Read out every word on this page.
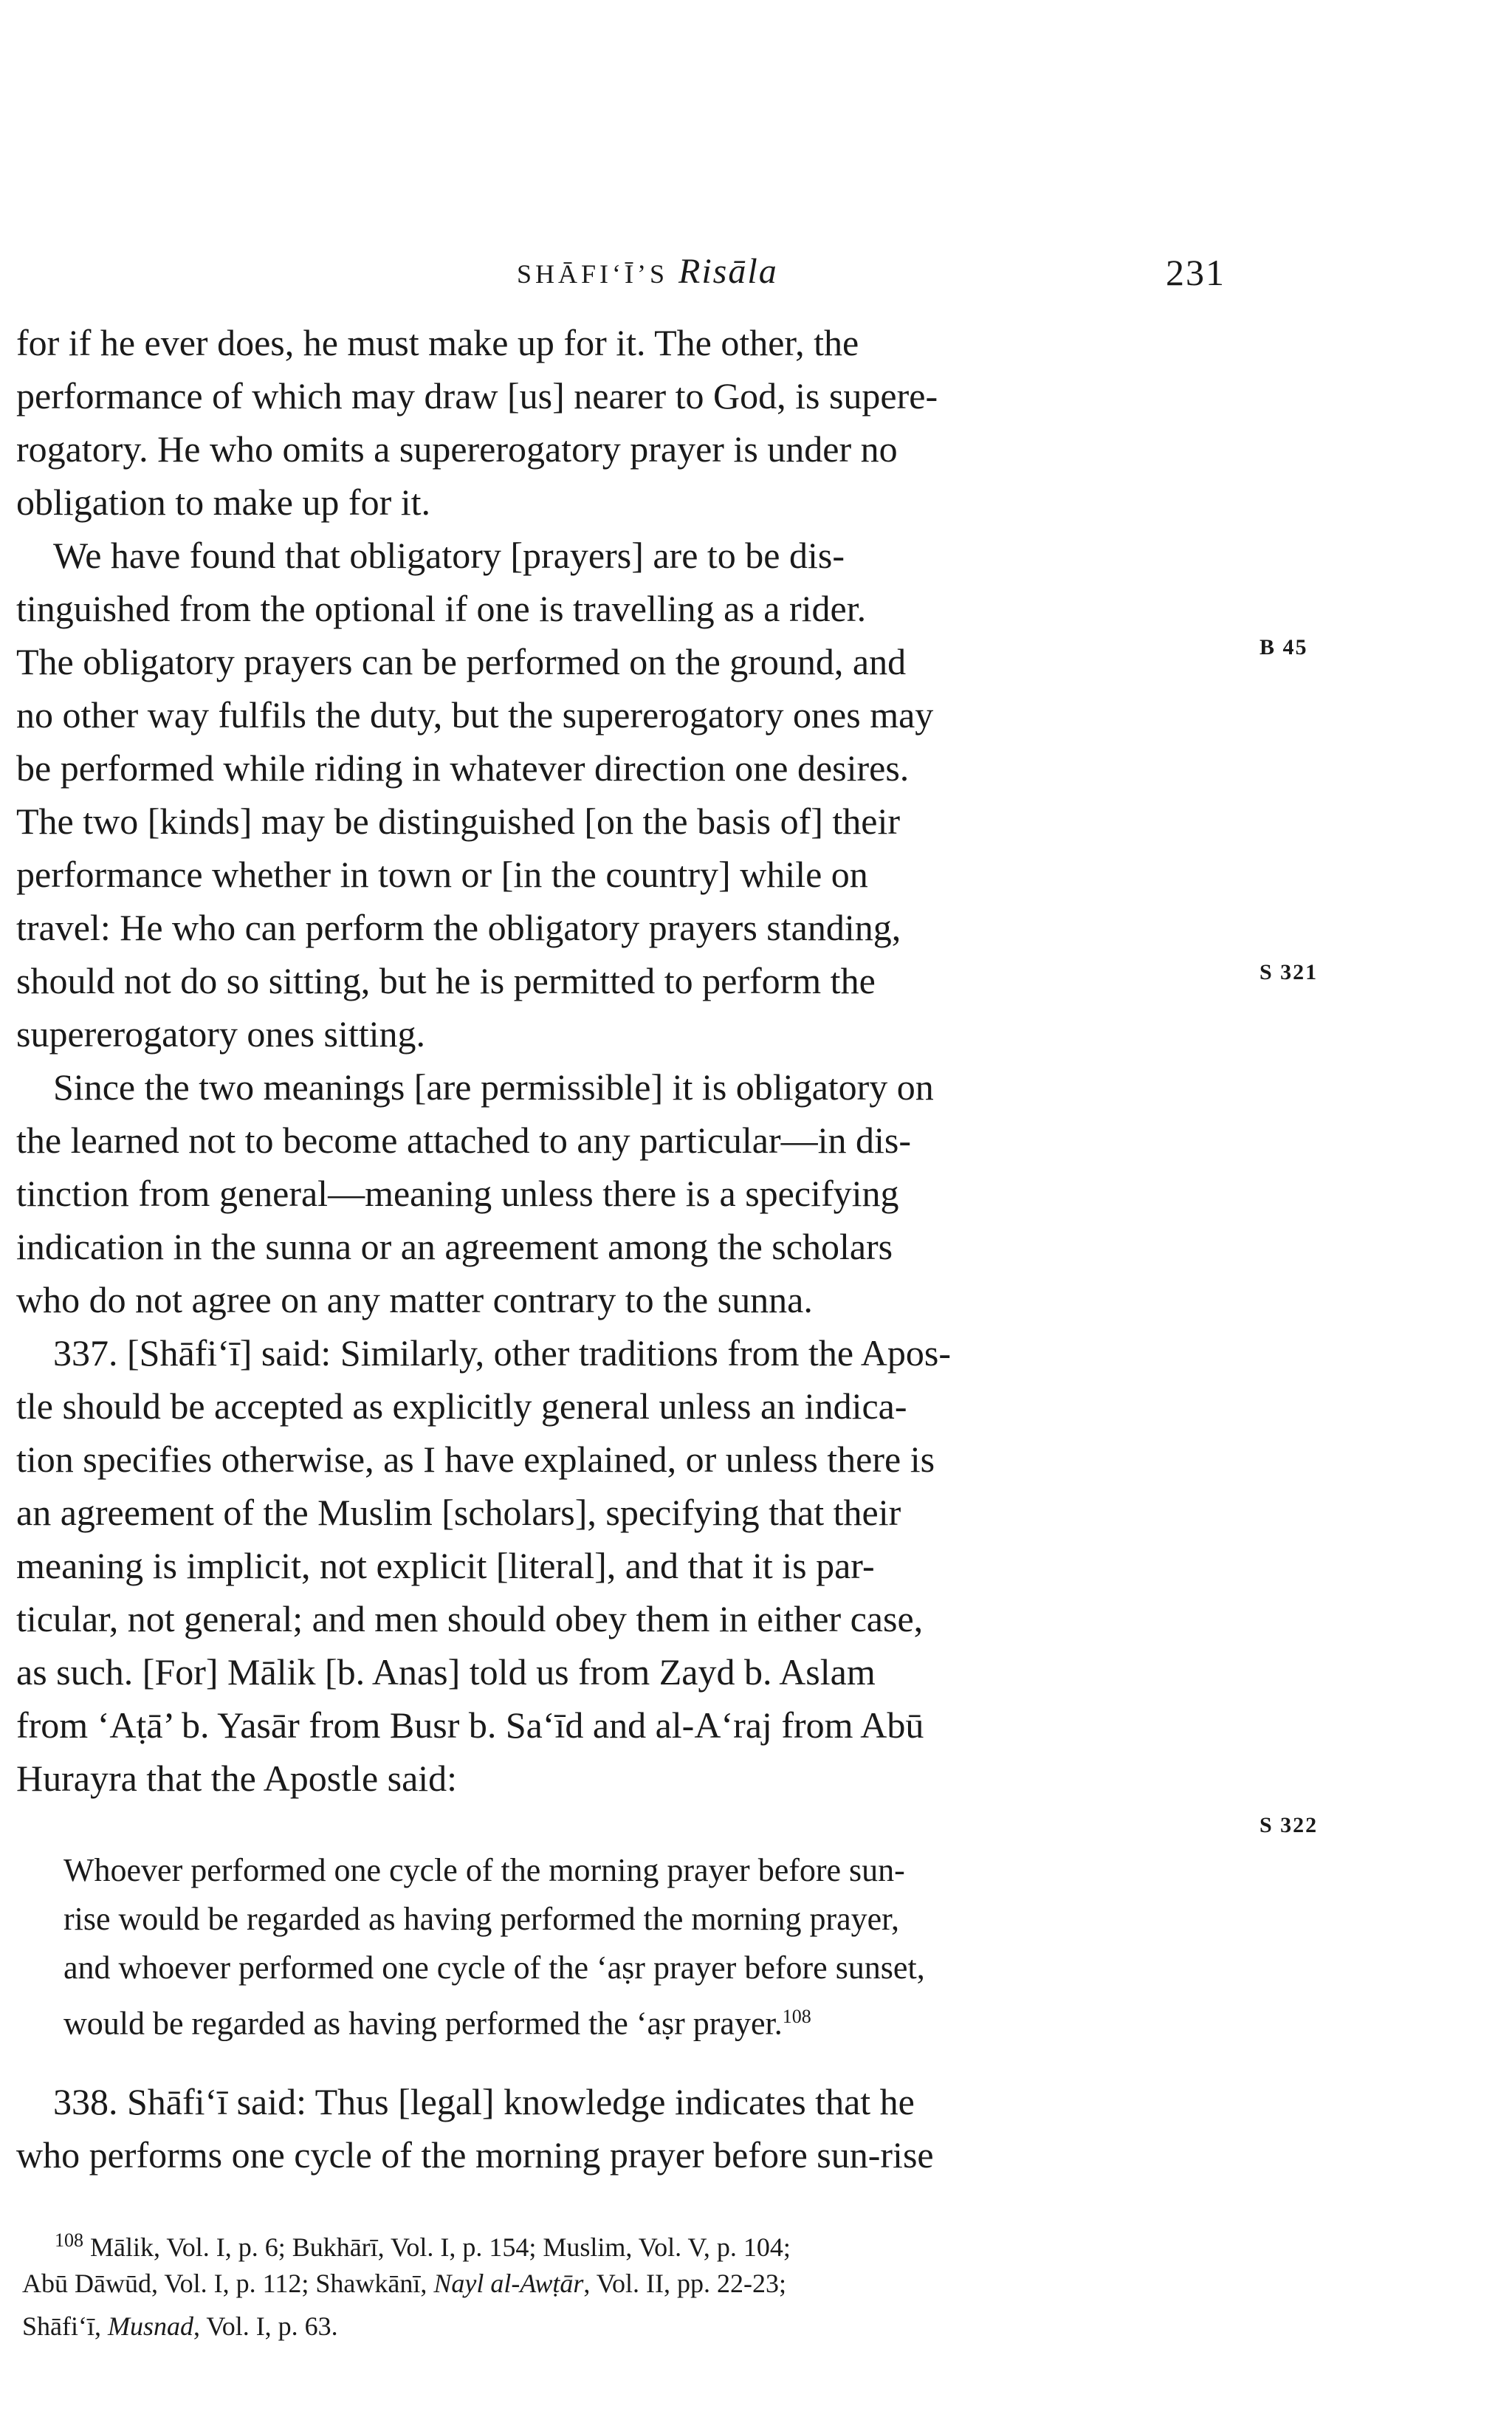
SHĀFI‘Ī’S Risāla	231
for if he ever does, he must make up for it. The other, the
performance of which may draw [us] nearer to God, is supere-
rogatory. He who omits a supererogatory prayer is under no
obligation to make up for it.
We have found that obligatory [prayers] are to be dis-
tinguished from the optional if one is travelling as a rider.
The obligatory prayers can be performed on the ground, and
no other way fulfils the duty, but the supererogatory ones may
be performed while riding in whatever direction one desires.
The two [kinds] may be distinguished [on the basis of] their
performance whether in town or [in the country] while on
travel: He who can perform the obligatory prayers standing,
should not do so sitting, but he is permitted to perform the
supererogatory ones sitting.
Since the two meanings [are permissible] it is obligatory on
the learned not to become attached to any particular—in dis-
tinction from general—meaning unless there is a specifying
indication in the sunna or an agreement among the scholars
who do not agree on any matter contrary to the sunna.
337. [Shāfi‘ī] said: Similarly, other traditions from the Apos-
tle should be accepted as explicitly general unless an indica-
tion specifies otherwise, as I have explained, or unless there is
an agreement of the Muslim [scholars], specifying that their
meaning is implicit, not explicit [literal], and that it is par-
ticular, not general; and men should obey them in either case,
as such. [For] Mālik [b. Anas] told us from Zayd b. Aslam
from ‘Aṭā’ b. Yasār from Busr b. Sa‘īd and al-A‘raj from Abū
Hurayra that the Apostle said:
Whoever performed one cycle of the morning prayer before sun-
rise would be regarded as having performed the morning prayer,
and whoever performed one cycle of the ‘aṣr prayer before sunset,
would be regarded as having performed the ‘aṣr prayer.$^{108}$
338. Shāfi‘ī said: Thus [legal] knowledge indicates that he
who performs one cycle of the morning prayer before sun-rise
$^{108}$ Mālik, Vol. I, p. 6; Bukhārī, Vol. I, p. 154; Muslim, Vol. V, p. 104;
Abū Dāwūd, Vol. I, p. 112; Shawkānī, Nayl al-Awṭār, Vol. II, pp. 22-23;
Shāfi‘ī, Musnad, Vol. I, p. 63.
B 45
S 321
S 322
